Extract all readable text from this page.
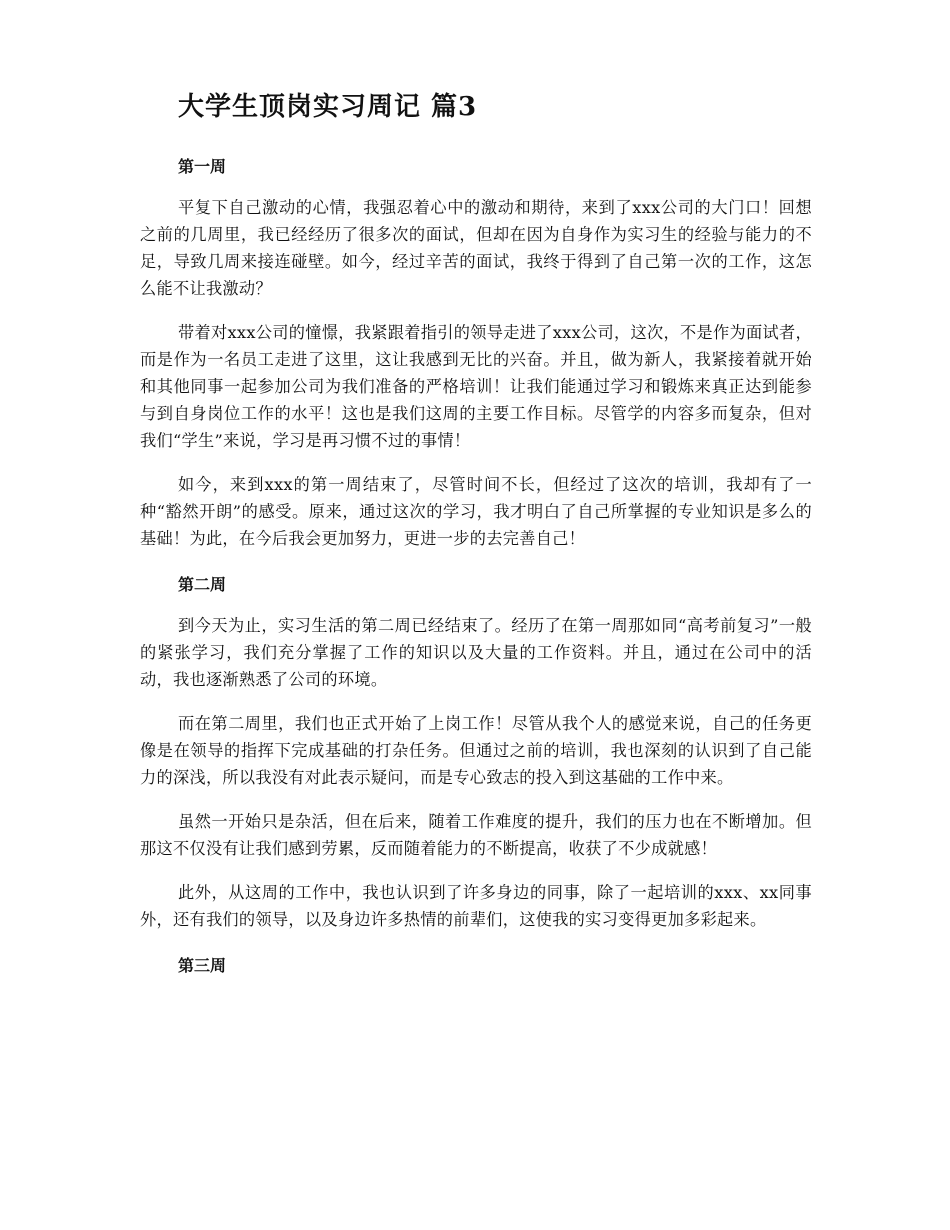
大学生顶岗实习周记 篇3
第一周

平复下自己激动的心情，我强忍着心中的激动和期待，来到了xxx公司的大门口！回想之前的几周里，我已经经历了很多次的面试，但却在因为自身作为实习生的经验与能力的不足，导致几周来接连碰壁。如今，经过辛苦的面试，我终于得到了自己第一次的工作，这怎么能不让我激动？

带着对xxx公司的憧憬，我紧跟着指引的领导走进了xxx公司，这次，不是作为面试者，而是作为一名员工走进了这里，这让我感到无比的兴奋。并且，做为新人，我紧接着就开始和其他同事一起参加公司为我们准备的严格培训！让我们能通过学习和锻炼来真正达到能参与到自身岗位工作的水平！这也是我们这周的主要工作目标。尽管学的内容多而复杂，但对我们“学生”来说，学习是再习惯不过的事情！

如今，来到xxx的第一周结束了，尽管时间不长，但经过了这次的培训，我却有了一种“豁然开朗”的感受。原来，通过这次的学习，我才明白了自己所掌握的专业知识是多么的基础！为此，在今后我会更加努力，更进一步的去完善自己！

第二周

到今天为止，实习生活的第二周已经结束了。经历了在第一周那如同“高考前复习”一般的紧张学习，我们充分掌握了工作的知识以及大量的工作资料。并且，通过在公司中的活动，我也逐渐熟悉了公司的环境。

而在第二周里，我们也正式开始了上岗工作！尽管从我个人的感觉来说，自己的任务更像是在领导的指挥下完成基础的打杂任务。但通过之前的培训，我也深刻的认识到了自己能力的深浅，所以我没有对此表示疑问，而是专心致志的投入到这基础的工作中来。

虽然一开始只是杂活，但在后来，随着工作难度的提升，我们的压力也在不断增加。但那这不仅没有让我们感到劳累，反而随着能力的不断提高，收获了不少成就感！

此外，从这周的工作中，我也认识到了许多身边的同事，除了一起培训的xxx、xx同事外，还有我们的领导，以及身边许多热情的前辈们，这使我的实习变得更加多彩起来。

第三周
